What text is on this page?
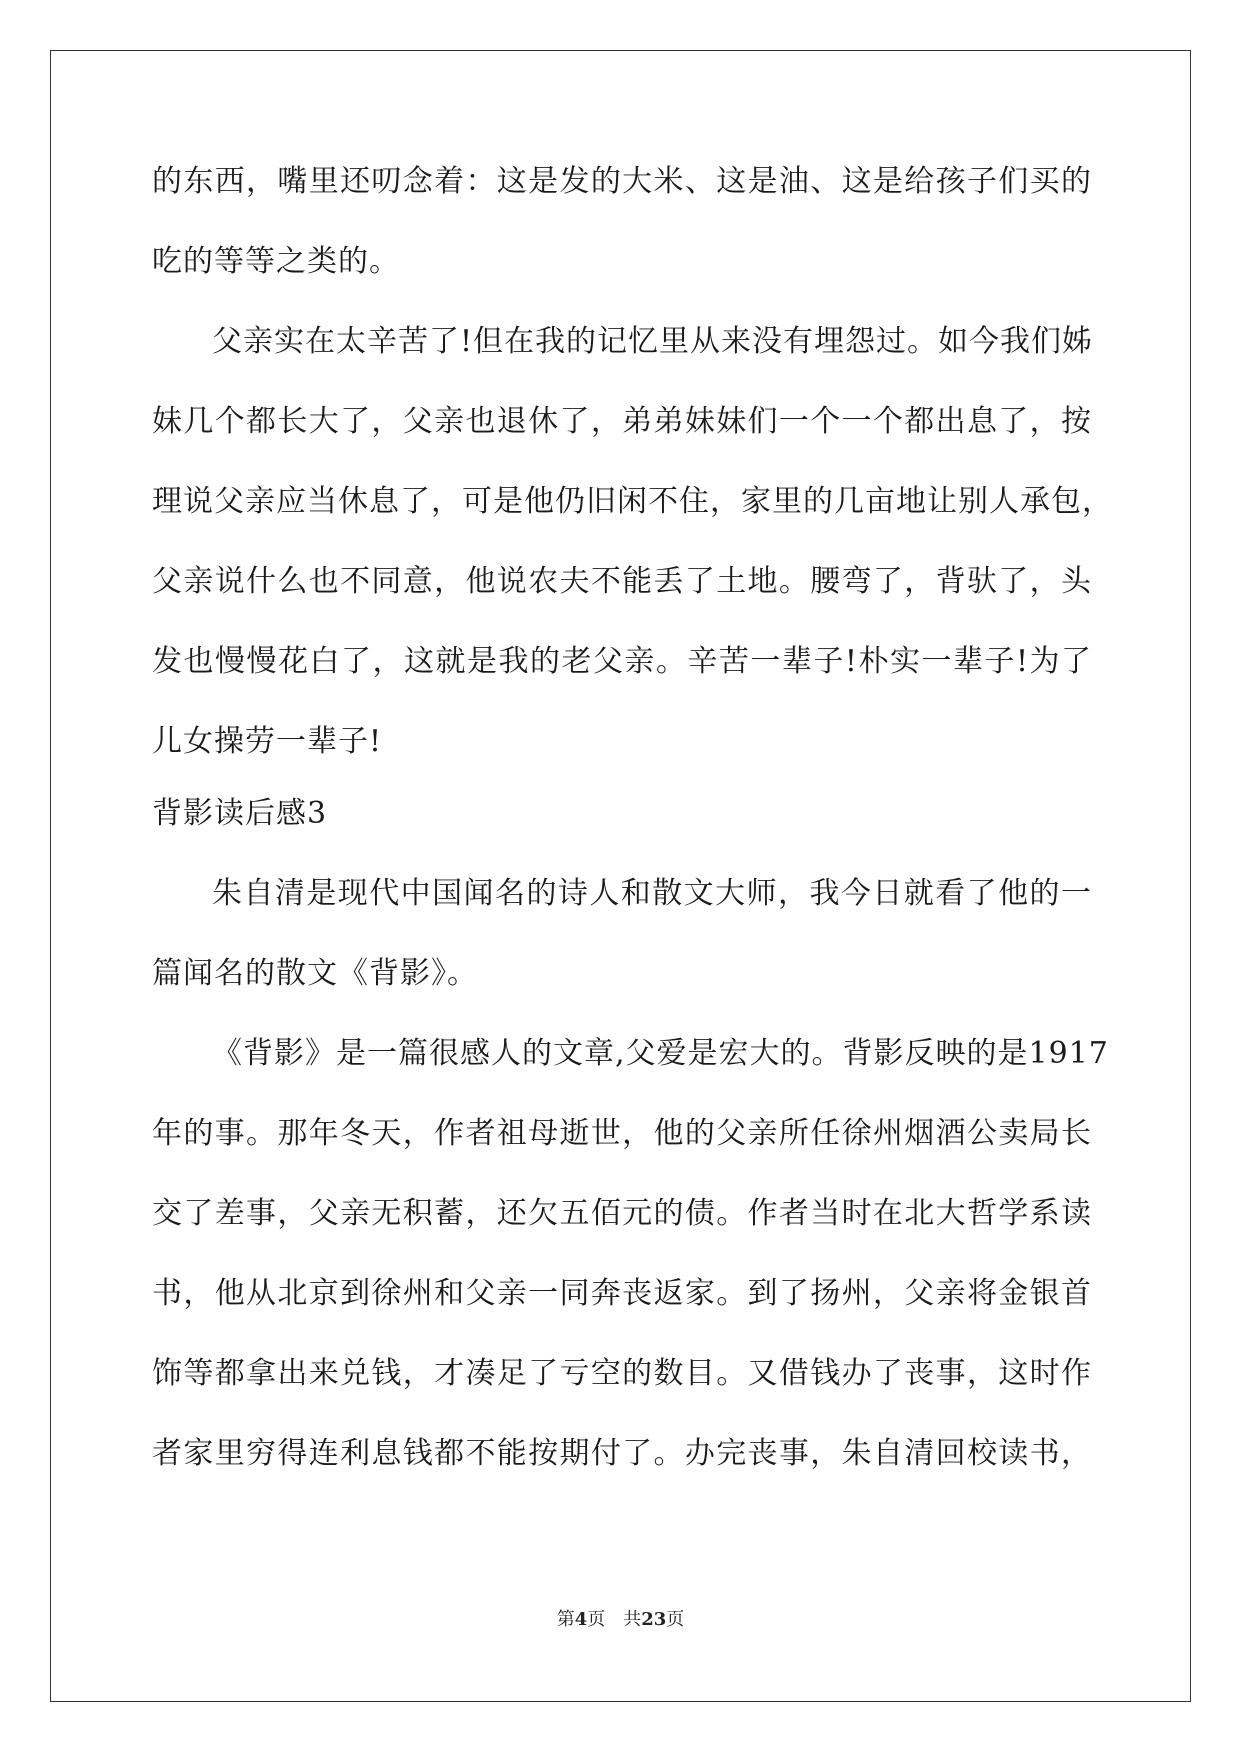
的东西，嘴里还叨念着：这是发的大米、这是油、这是给孩子们买的
吃的等等之类的。
父亲实在太辛苦了!但在我的记忆里从来没有埋怨过。如今我们姊
妹几个都长大了，父亲也退休了，弟弟妹妹们一个一个都出息了，按
理说父亲应当休息了，可是他仍旧闲不住，家里的几亩地让别人承包，
父亲说什么也不同意，他说农夫不能丢了土地。腰弯了，背驮了，头
发也慢慢花白了，这就是我的老父亲。辛苦一辈子!朴实一辈子!为了
儿女操劳一辈子!
背影读后感3
朱自清是现代中国闻名的诗人和散文大师，我今日就看了他的一
篇闻名的散文《背影》。
《背影》是一篇很感人的文章,父爱是宏大的。背影反映的是1917
年的事。那年冬天，作者祖母逝世，他的父亲所任徐州烟酒公卖局长
交了差事，父亲无积蓄，还欠五佰元的债。作者当时在北大哲学系读
书，他从北京到徐州和父亲一同奔丧返家。到了扬州，父亲将金银首
饰等都拿出来兑钱，才凑足了亏空的数目。又借钱办了丧事，这时作
者家里穷得连利息钱都不能按期付了。办完丧事，朱自清回校读书，
第4页　共23页
